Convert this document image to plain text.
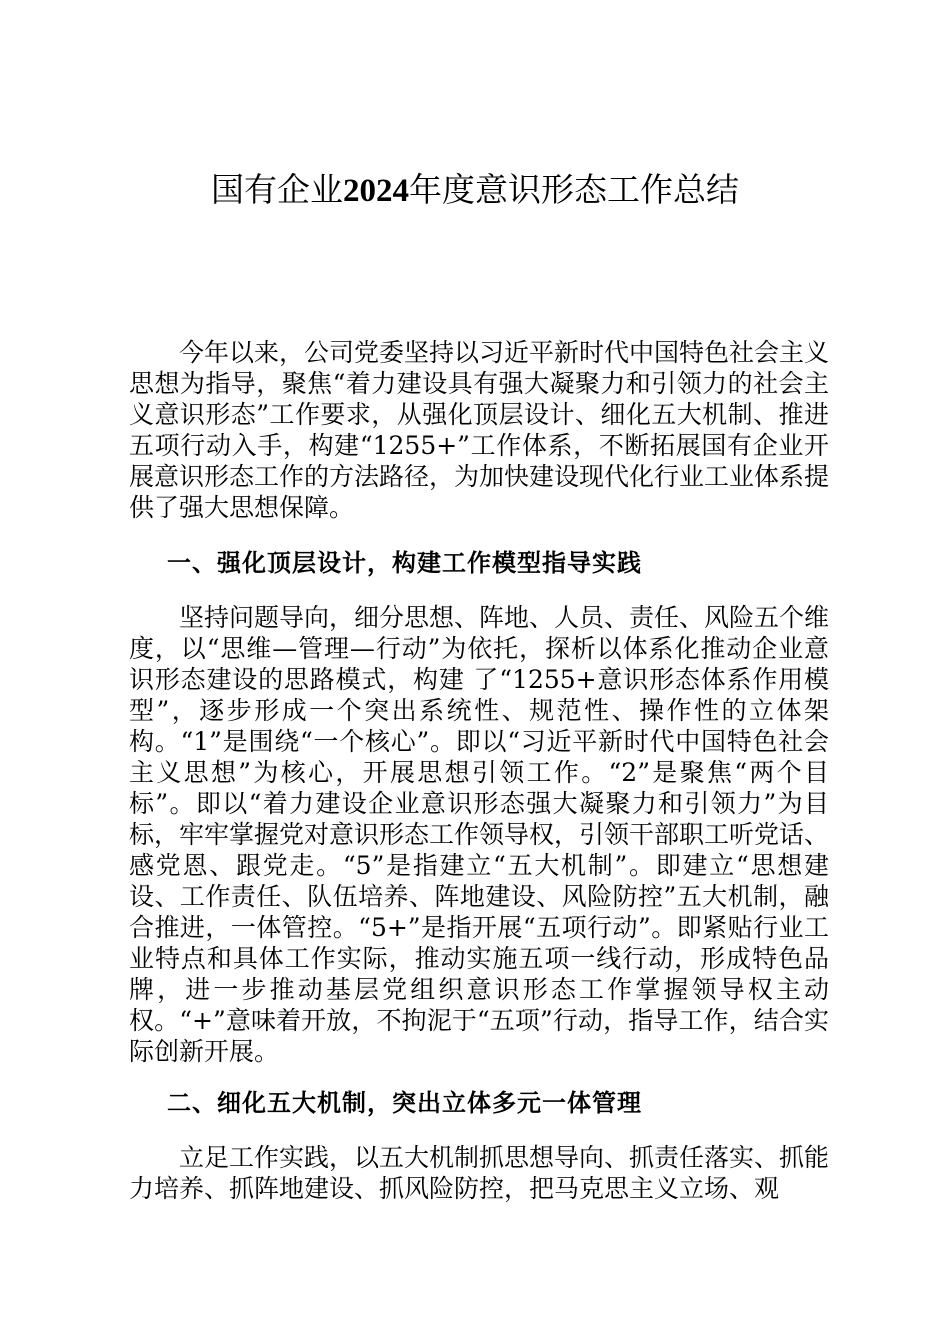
国有企业2024年度意识形态工作总结

今年以来，公司党委坚持以习近平新时代中国特色社会主义思想为指导，聚焦“着力建设具有强大凝聚力和引领力的社会主义意识形态”工作要求，从强化顶层设计、细化五大机制、推进五项行动入手，构建“1255+”工作体系，不断拓展国有企业开展意识形态工作的方法路径，为加快建设现代化行业工业体系提供了强大思想保障。

一、强化顶层设计，构建工作模型指导实践

坚持问题导向，细分思想、阵地、人员、责任、风险五个维度，以“思维—管理—行动”为依托，探析以体系化推动企业意识形态建设的思路模式，构建 了“1255+意识形态体系作用模型”，逐步形成一个突出系统性、规范性、操作性的立体架构。“1”是围绕“一个核心”。即以“习近平新时代中国特色社会主义思想”为核心，开展思想引领工作。“2”是聚焦“两个目标”。即以“着力建设企业意识形态强大凝聚力和引领力”为目标，牢牢掌握党对意识形态工作领导权，引领干部职工听党话、感党恩、跟党走。“5”是指建立“五大机制”。即建立“思想建设、工作责任、队伍培养、阵地建设、风险防控”五大机制，融合推进，一体管控。“5+”是指开展“五项行动”。即紧贴行业工业特点和具体工作实际，推动实施五项一线行动，形成特色品牌，进一步推动基层党组织意识形态工作掌握领导权主动权。“+”意味着开放，不拘泥于“五项”行动，指导工作，结合实际创新开展。

二、细化五大机制，突出立体多元一体管理

立足工作实践，以五大机制抓思想导向、抓责任落实、抓能力培养、抓阵地建设、抓风险防控，把马克思主义立场、观
